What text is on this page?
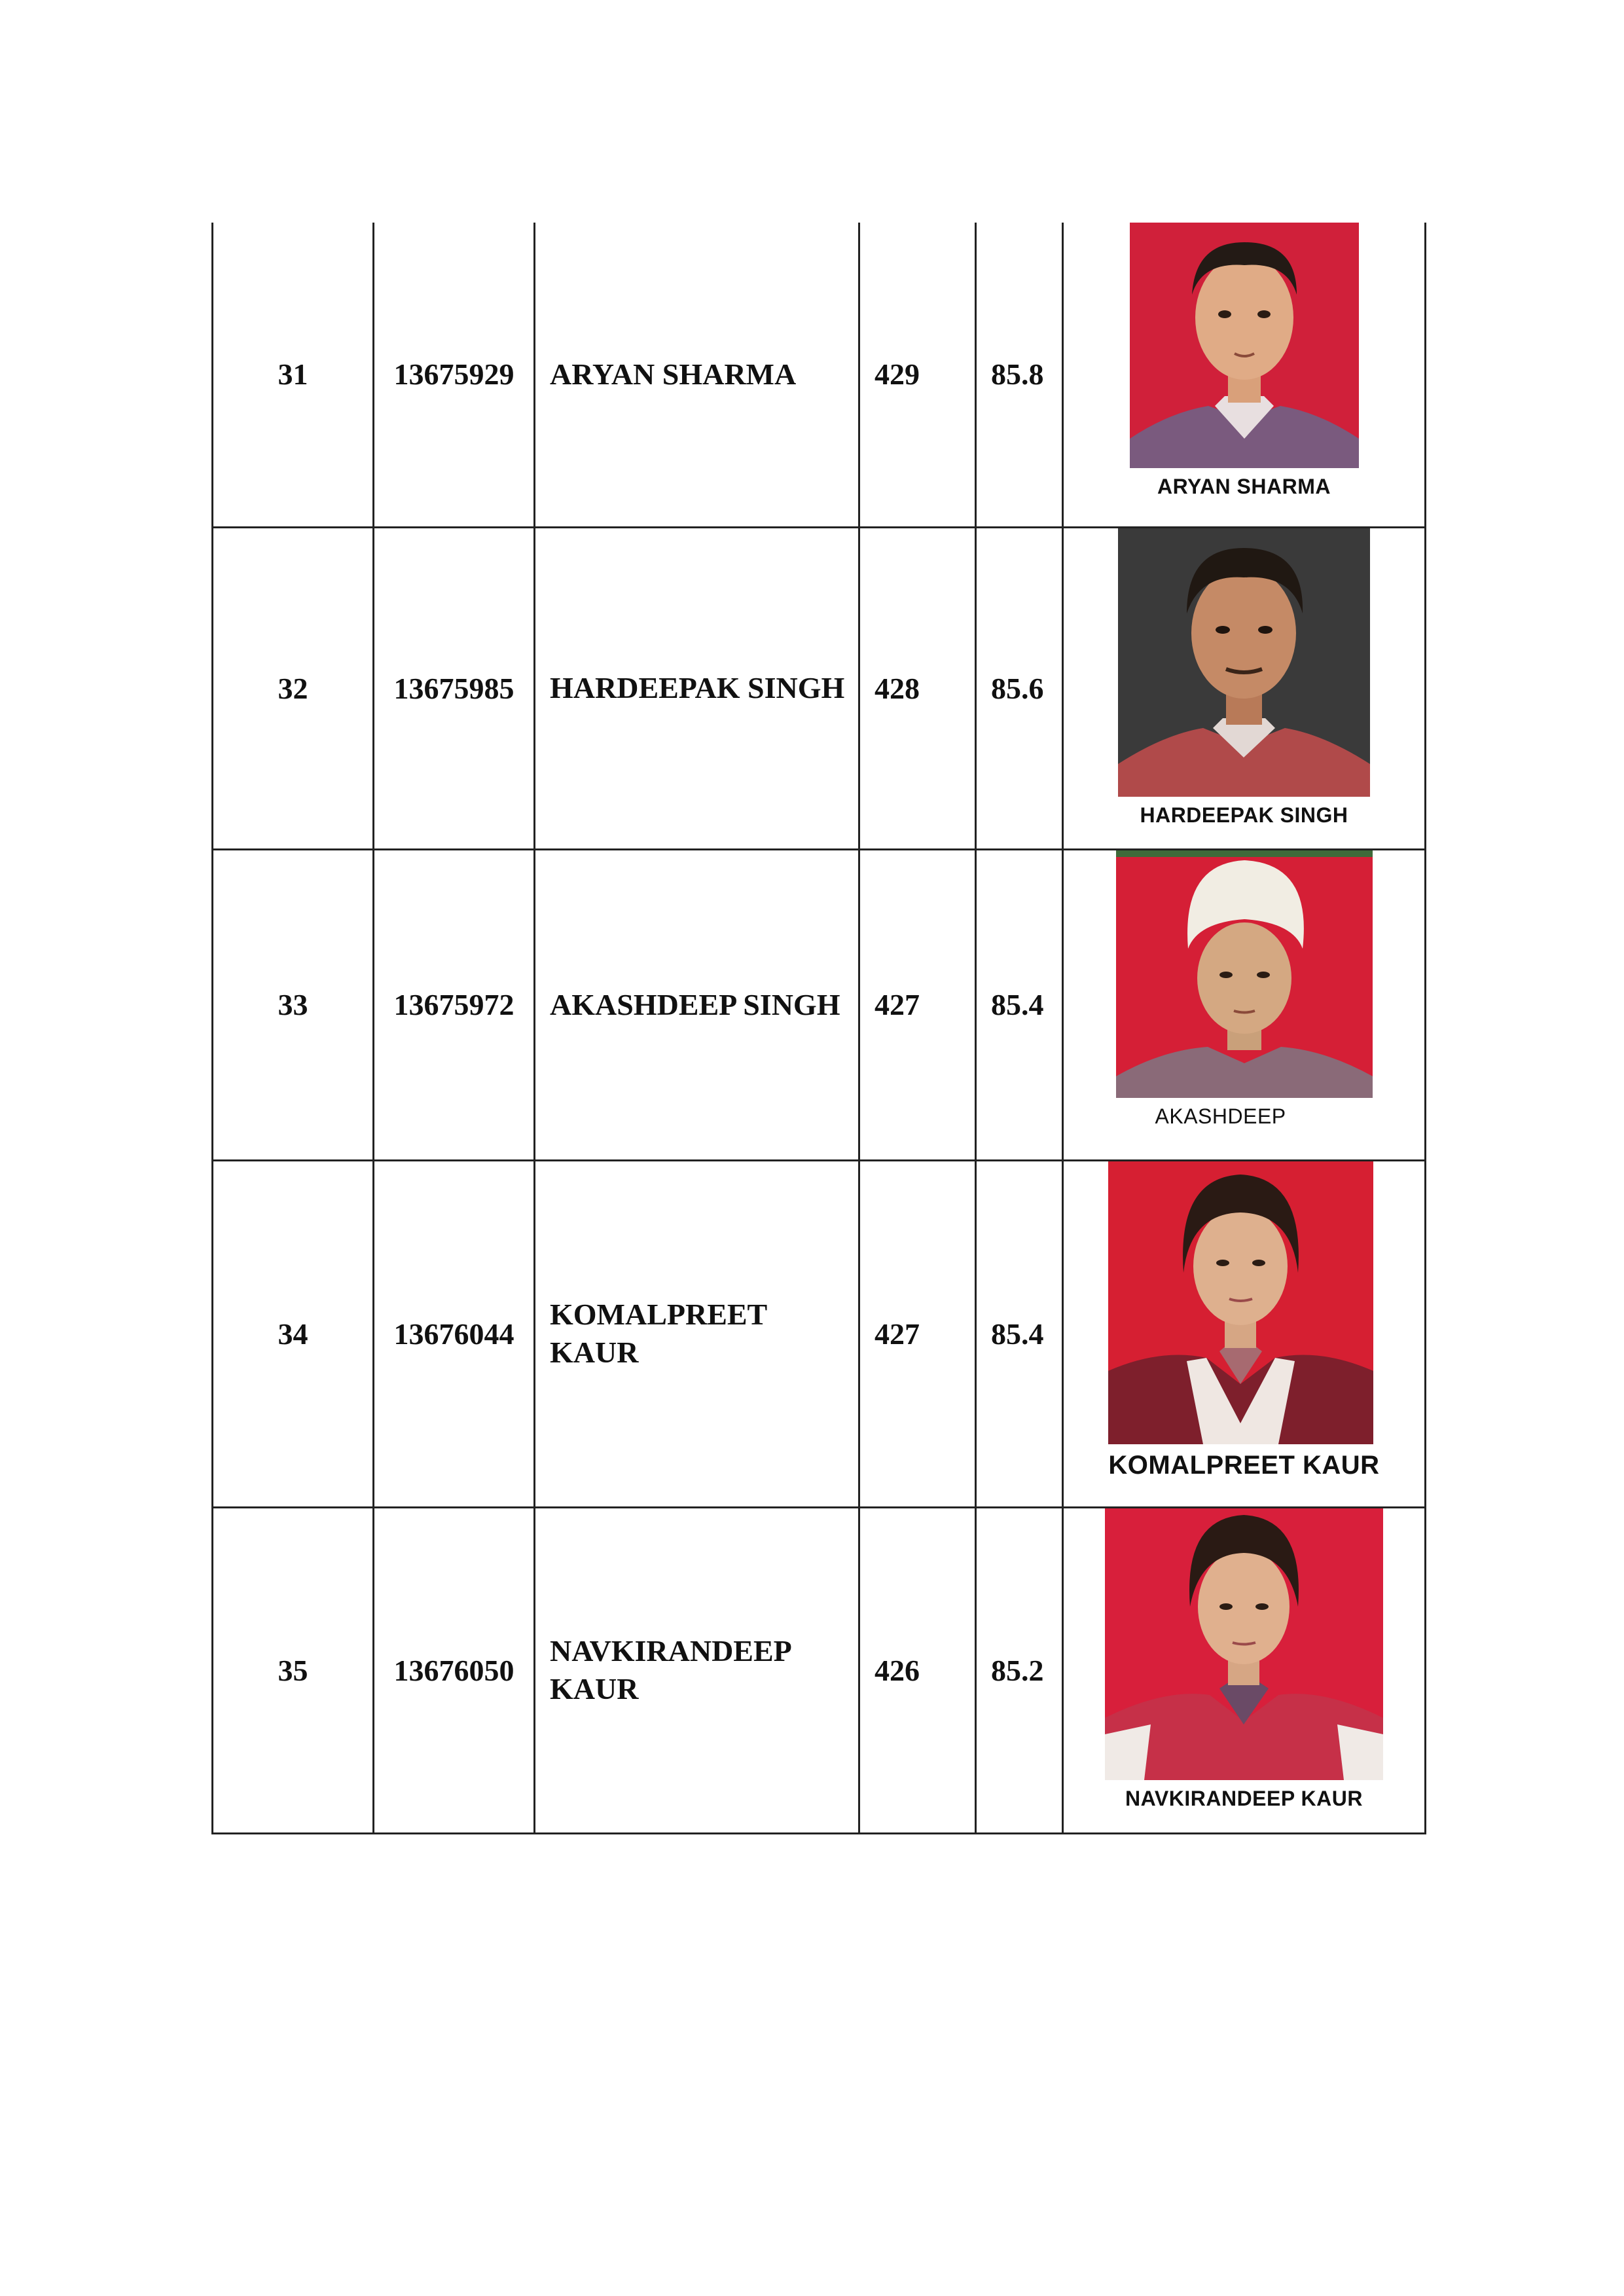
31	13675929	ARYAN SHARMA	429	85.8	ARYAN SHARMA

32	13675985	HARDEEPAK SINGH	428	85.6	HARDEEPAK SINGH

33	13675972	AKASHDEEP SINGH	427	85.4	AKASHDEEP

34	13676044	KOMALPREET KAUR	427	85.4	KOMALPREET KAUR

35	13676050	NAVKIRANDEEP KAUR	426	85.2	NAVKIRANDEEP KAUR
